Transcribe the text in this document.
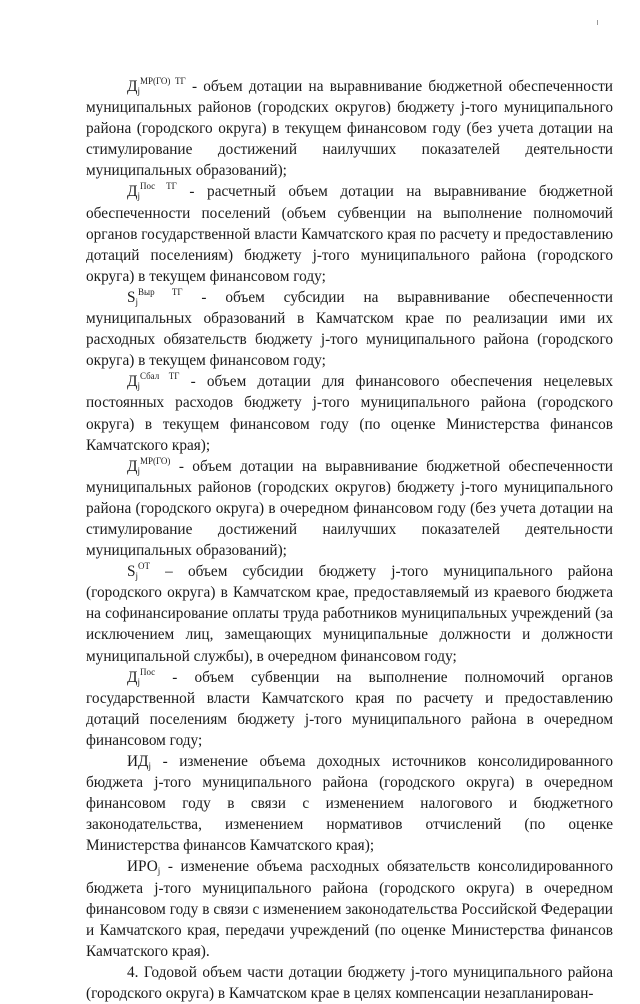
$Д_j^{МР(ГО) ТГ}$ - объем дотации на выравнивание бюджетной обеспеченности муниципальных районов (городских округов) бюджету j-того муниципального района (городского округа) в текущем финансовом году (без учета дотации на стимулирование достижений наилучших показателей деятельности муниципальных образований);

$Д_j^{Пос ТГ}$ - расчетный объем дотации на выравнивание бюджетной обеспеченности поселений (объем субвенции на выполнение полномочий органов государственной власти Камчатского края по расчету и предоставлению дотаций поселениям) бюджету j-того муниципального района (городского округа) в текущем финансовом году;

$S_j^{Выр ТГ}$ - объем субсидии на выравнивание обеспеченности муниципальных образований в Камчатском крае по реализации ими их расходных обязательств бюджету j-того муниципального района (городского округа) в текущем финансовом году;

$Д_j^{Сбал ТГ}$ - объем дотации для финансового обеспечения нецелевых постоянных расходов бюджету j-того муниципального района (городского округа) в текущем финансовом году (по оценке Министерства финансов Камчатского края);

$Д_j^{МР(ГО)}$ - объем дотации на выравнивание бюджетной обеспеченности муниципальных районов (городских округов) бюджету j-того муниципального района (городского округа) в очередном финансовом году (без учета дотации на стимулирование достижений наилучших показателей деятельности муниципальных образований);

$S_j^{ОТ}$ – объем субсидии бюджету j-того муниципального района (городского округа) в Камчатском крае, предоставляемый из краевого бюджета на софинансирование оплаты труда работников муниципальных учреждений (за исключением лиц, замещающих муниципальные должности и должности муниципальной службы), в очередном финансовом году;

$Д_j^{Пос}$ - объем субвенции на выполнение полномочий органов государственной власти Камчатского края по расчету и предоставлению дотаций поселениям бюджету j-того муниципального района в очередном финансовом году;

$ИД_j$ - изменение объема доходных источников консолидированного бюджета j-того муниципального района (городского округа) в очередном финансовом году в связи с изменением налогового и бюджетного законодательства, изменением нормативов отчислений (по оценке Министерства финансов Камчатского края);

$ИРО_j$ - изменение объема расходных обязательств консолидированного бюджета j-того муниципального района (городского округа) в очередном финансовом году в связи с изменением законодательства Российской Федерации и Камчатского края, передачи учреждений (по оценке Министерства финансов Камчатского края).

4. Годовой объем части дотации бюджету j-того муниципального района (городского округа) в Камчатском крае в целях компенсации незапланирован-
